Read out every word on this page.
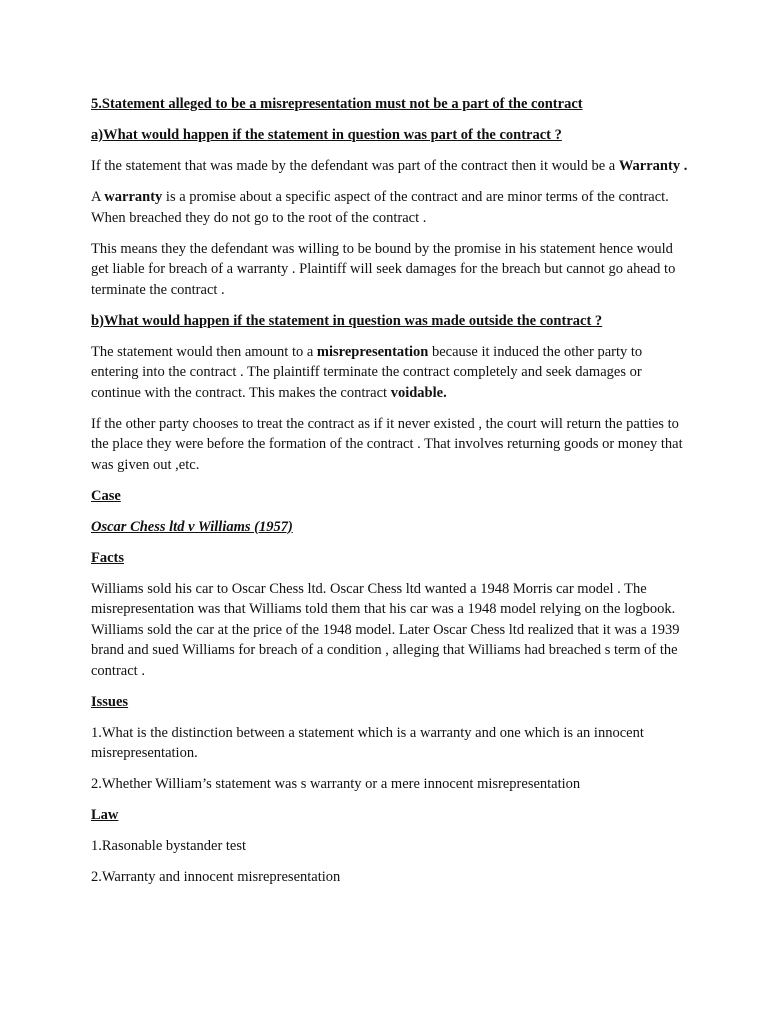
5.Statement alleged to be a misrepresentation must not be a part of the contract

a)What would happen if the statement in question was part of the contract ?

If the statement that was made by the defendant was part of the contract then it would be a Warranty .

A warranty is a promise about a specific aspect of the contract and are minor terms of the contract. When breached they do not go to the root of the contract .

This means they the defendant was willing to be bound by the promise in his statement hence would get liable for breach of a warranty . Plaintiff will seek damages for the breach but cannot go ahead to terminate the contract .

b)What would happen if the statement in question was made outside the contract ?

The statement would then amount to a misrepresentation because it induced the other party to entering into the contract . The plaintiff terminate the contract completely and seek damages or continue with the contract. This makes the contract voidable.

If the other party chooses to treat the contract as if it never existed , the court will return the patties to the place they were before the formation of the contract . That involves returning goods or money that was given out ,etc.

Case

Oscar Chess ltd v Williams (1957)

Facts

Williams sold his car to Oscar Chess ltd. Oscar Chess ltd wanted a 1948 Morris car model . The misrepresentation was that Williams told them that his car was a 1948 model relying on the logbook. Williams sold the car at the price of the 1948 model. Later Oscar Chess ltd realized that it was a 1939 brand and sued Williams for breach of a condition , alleging that Williams had breached s term of the contract .

Issues

1.What is the distinction between a statement which is a warranty and one which is an innocent misrepresentation.

2.Whether William’s statement was s warranty or a mere innocent misrepresentation

Law

1.Rasonable bystander test

2.Warranty and innocent misrepresentation
